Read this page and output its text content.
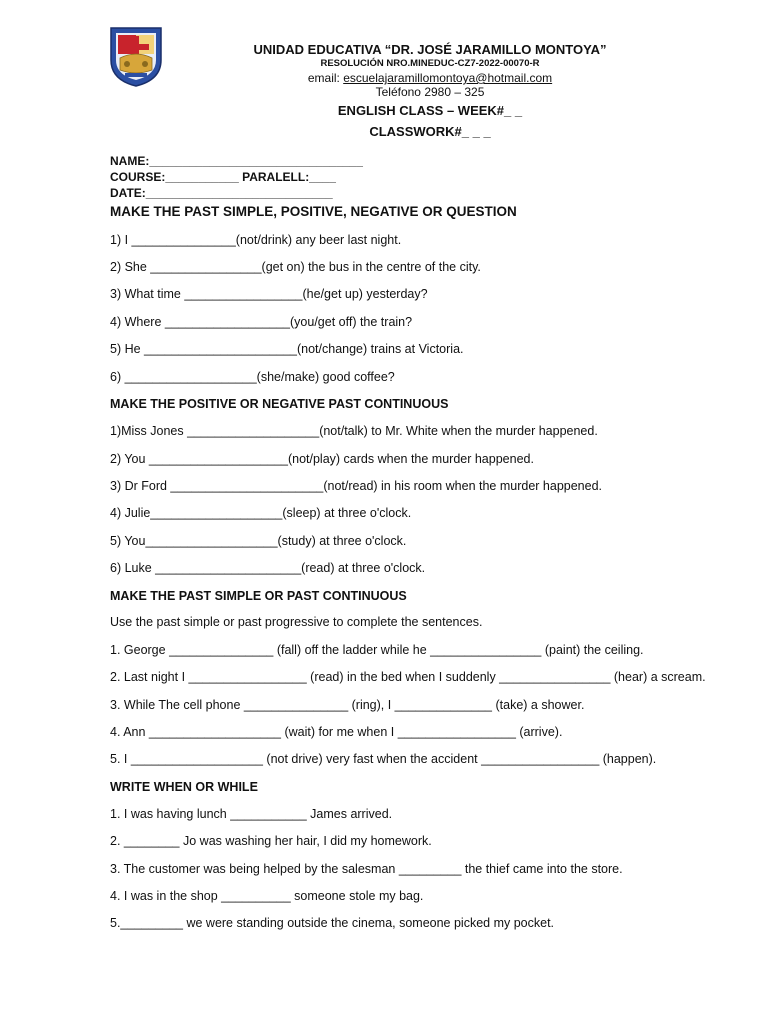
UNIDAD EDUCATIVA “DR. JOSÉ JARAMILLO MONTOYA”
RESOLUCIÓN NRO.MINEDUC-CZ7-2022-00070-R
email: escuelajaramillomontoya@hotmail.com
Teléfono 2980 – 325
ENGLISH CLASS – WEEK#_ _
CLASSWORK#_ _ _
NAME:________________________________
COURSE:___________ PARALELL:____
DATE:____________________________
MAKE THE PAST SIMPLE, POSITIVE, NEGATIVE OR QUESTION
1) I _______________(not/drink) any beer last night.
2) She ________________(get on) the bus in the centre of the city.
3) What time _________________(he/get up) yesterday?
4) Where __________________(you/get off) the train?
5) He ______________________(not/change) trains at Victoria.
6) ___________________(she/make) good coffee?
MAKE THE POSITIVE OR NEGATIVE PAST CONTINUOUS
1)Miss Jones ___________________(not/talk) to Mr. White when the murder happened.
2) You ____________________(not/play) cards when the murder happened.
3) Dr Ford ______________________(not/read) in his room when the murder happened.
4) Julie___________________(sleep) at three o'clock.
5) You___________________(study) at three o'clock.
6) Luke _____________________(read) at three o'clock.
MAKE THE PAST SIMPLE OR PAST CONTINUOUS
Use the past simple or past progressive to complete the sentences.
1. George _______________ (fall) off the ladder while he ________________ (paint) the ceiling.
2. Last night I _________________ (read) in the bed when I suddenly ________________ (hear) a scream.
3. While The cell phone _______________ (ring), I ______________ (take) a shower.
4. Ann ___________________ (wait) for me when I _________________ (arrive).
5. I ___________________ (not drive) very fast when the accident _________________ (happen).
WRITE WHEN OR WHILE
1. I was having lunch ___________ James arrived.
2. ________ Jo was washing her hair, I did my homework.
3. The customer was being helped by the salesman _________ the thief came into the store.
4. I was in the shop __________ someone stole my bag.
5._________ we were standing outside the cinema, someone picked my pocket.
